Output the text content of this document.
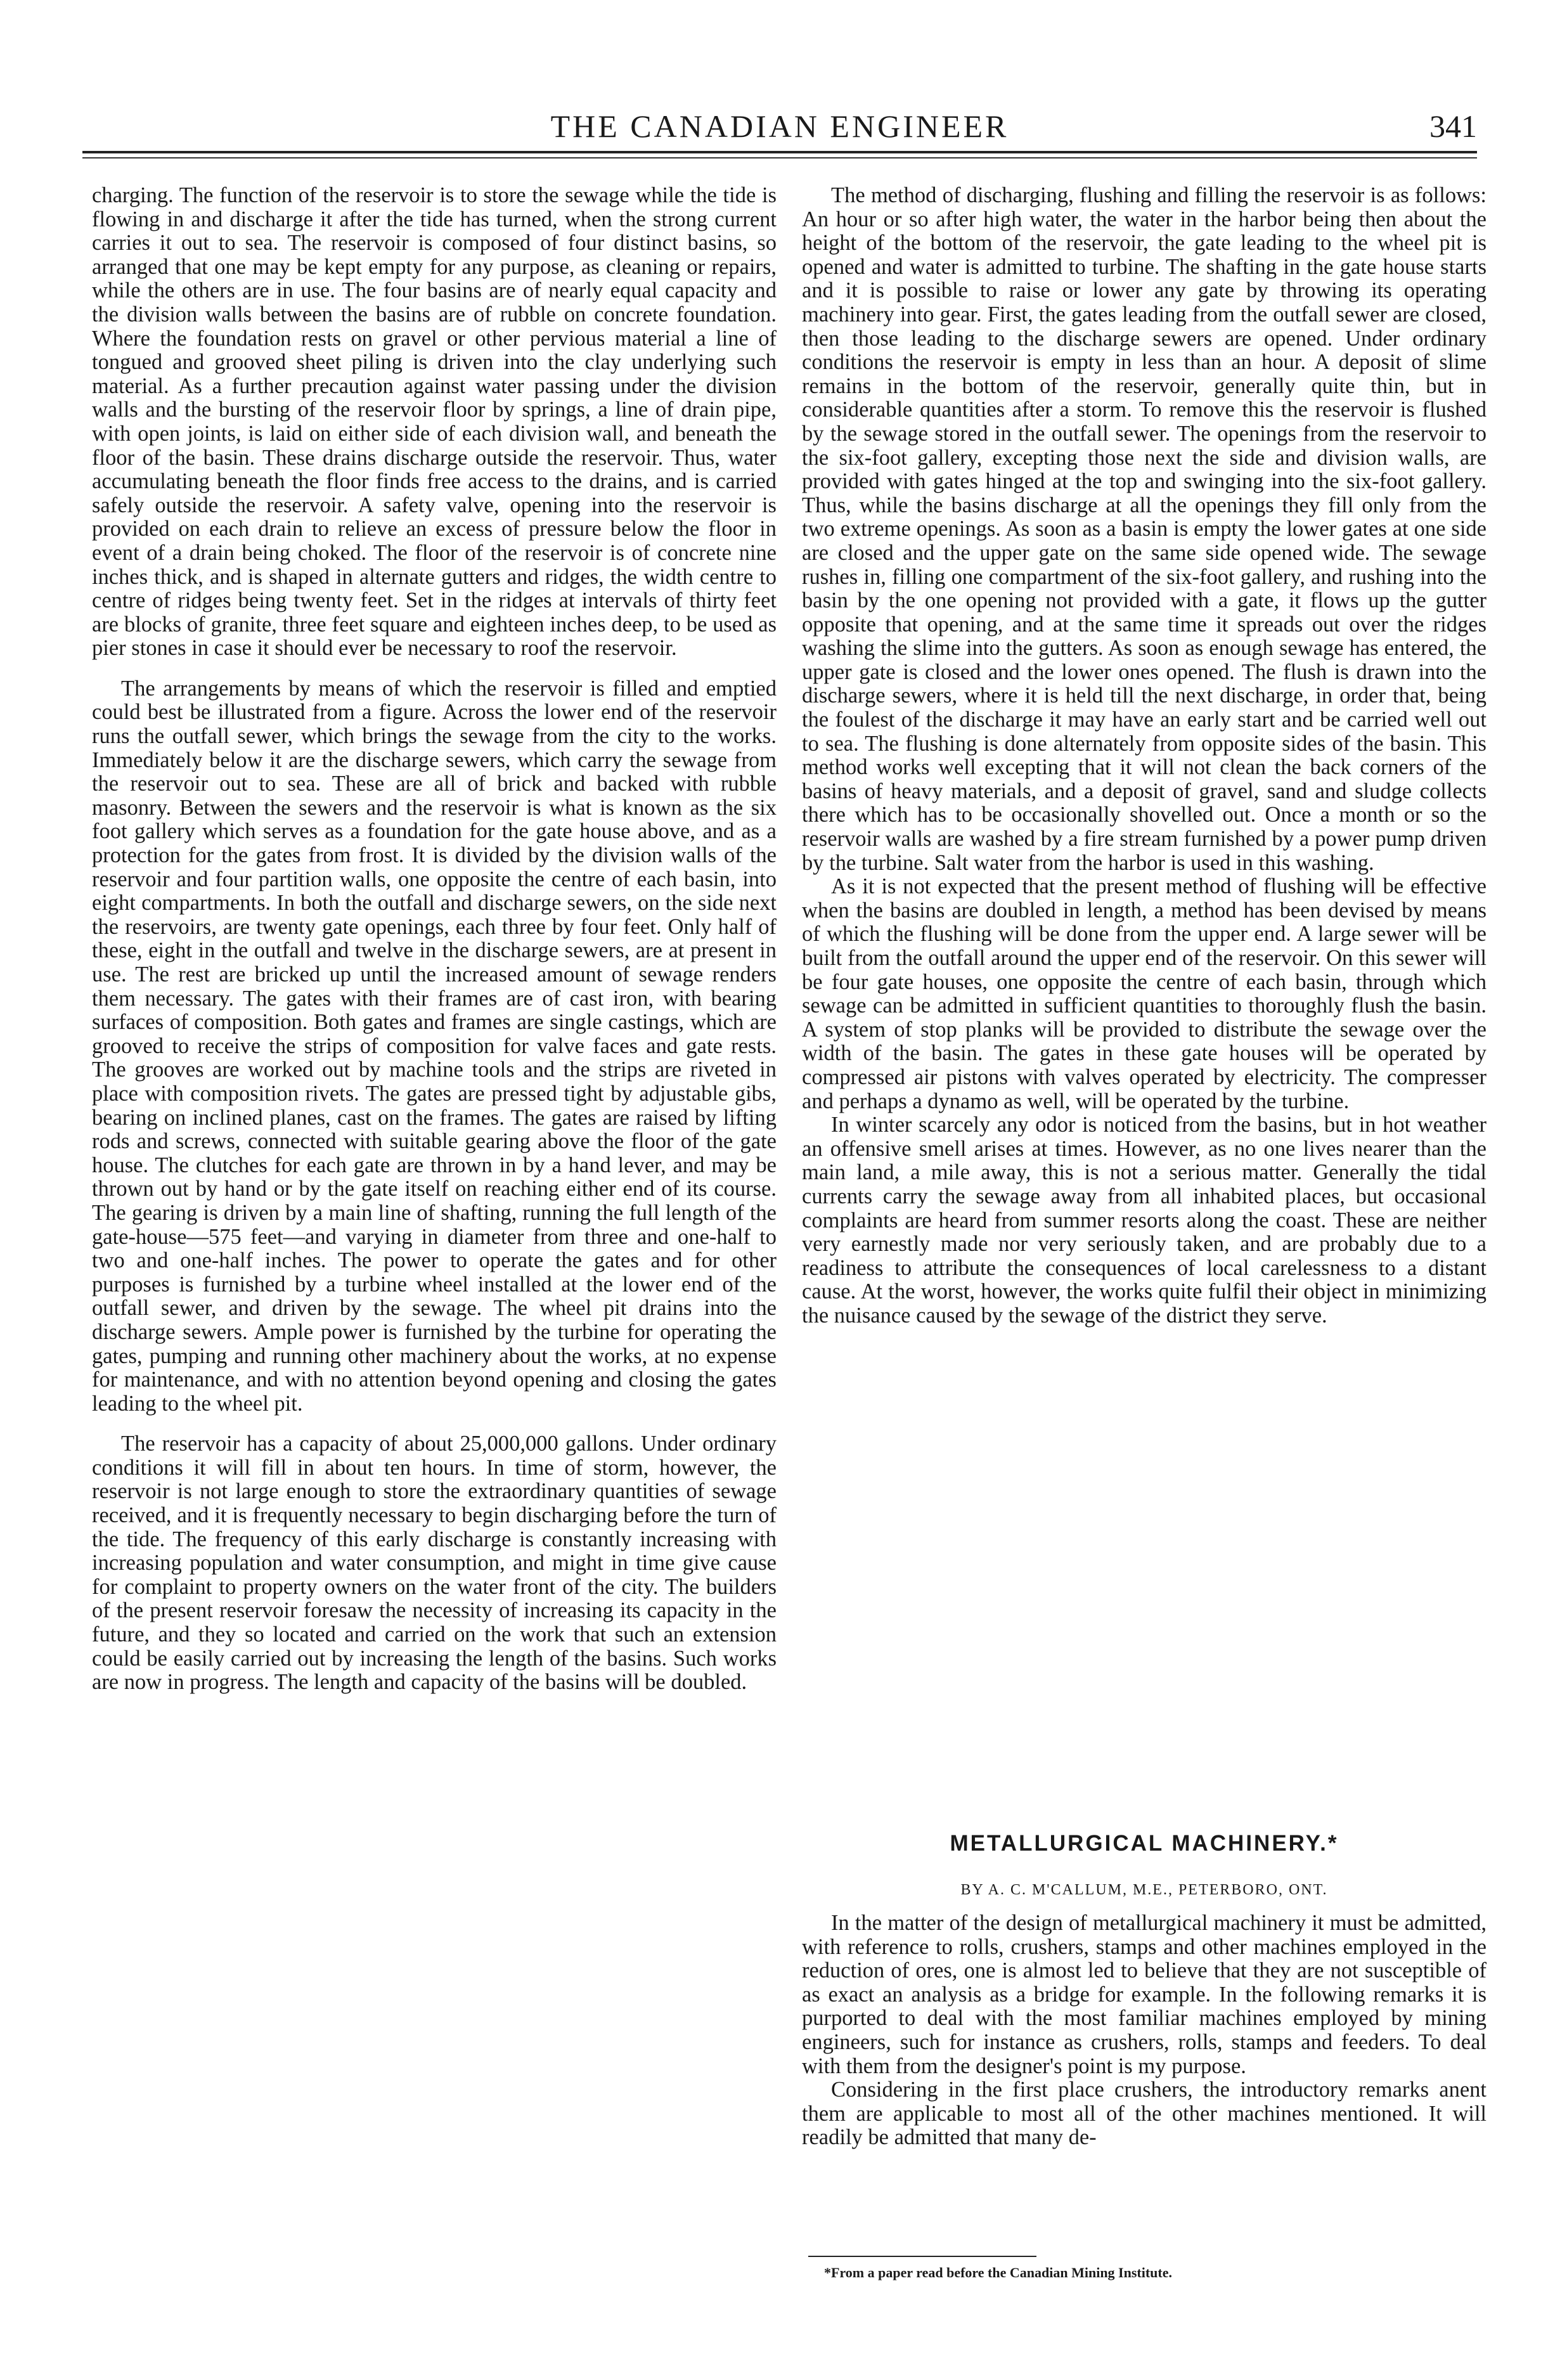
THE CANADIAN ENGINEER	341

charging. The function of the reservoir is to store the sewage while the tide is flowing in and discharge it after the tide has turned, when the strong current carries it out to sea. The reservoir is composed of four distinct basins, so arranged that one may be kept empty for any purpose, as cleaning or repairs, while the others are in use. The four basins are of nearly equal capacity and the division walls between the basins are of rubble on concrete foundation. Where the foundation rests on gravel or other pervious material a line of tongued and grooved sheet piling is driven into the clay underlying such material. As a further precaution against water passing under the division walls and the bursting of the reservoir floor by springs, a line of drain pipe, with open joints, is laid on either side of each division wall, and beneath the floor of the basin. These drains discharge outside the reservoir. Thus, water accumulating beneath the floor finds free access to the drains, and is carried safely outside the reservoir. A safety valve, opening into the reservoir is provided on each drain to relieve an excess of pressure below the floor in event of a drain being choked. The floor of the reservoir is of concrete nine inches thick, and is shaped in alternate gutters and ridges, the width centre to centre of ridges being twenty feet. Set in the ridges at intervals of thirty feet are blocks of granite, three feet square and eighteen inches deep, to be used as pier stones in case it should ever be necessary to roof the reservoir.

The arrangements by means of which the reservoir is filled and emptied could best be illustrated from a figure. Across the lower end of the reservoir runs the outfall sewer, which brings the sewage from the city to the works. Immediately below it are the discharge sewers, which carry the sewage from the reservoir out to sea. These are all of brick and backed with rubble masonry. Between the sewers and the reservoir is what is known as the six foot gallery which serves as a foundation for the gate house above, and as a protection for the gates from frost. It is divided by the division walls of the reservoir and four partition walls, one opposite the centre of each basin, into eight compartments. In both the outfall and discharge sewers, on the side next the reservoirs, are twenty gate openings, each three by four feet. Only half of these, eight in the outfall and twelve in the discharge sewers, are at present in use. The rest are bricked up until the increased amount of sewage renders them necessary. The gates with their frames are of cast iron, with bearing surfaces of composition. Both gates and frames are single castings, which are grooved to receive the strips of composition for valve faces and gate rests. The grooves are worked out by machine tools and the strips are riveted in place with composition rivets. The gates are pressed tight by adjustable gibs, bearing on inclined planes, cast on the frames. The gates are raised by lifting rods and screws, connected with suitable gearing above the floor of the gate house. The clutches for each gate are thrown in by a hand lever, and may be thrown out by hand or by the gate itself on reaching either end of its course. The gearing is driven by a main line of shafting, running the full length of the gate-house—575 feet—and varying in diameter from three and one-half to two and one-half inches. The power to operate the gates and for other purposes is furnished by a turbine wheel installed at the lower end of the outfall sewer, and driven by the sewage. The wheel pit drains into the discharge sewers. Ample power is furnished by the turbine for operating the gates, pumping and running other machinery about the works, at no expense for maintenance, and with no attention beyond opening and closing the gates leading to the wheel pit.

The reservoir has a capacity of about 25,000,000 gallons. Under ordinary conditions it will fill in about ten hours. In time of storm, however, the reservoir is not large enough to store the extraordinary quantities of sewage received, and it is frequently necessary to begin discharging before the turn of the tide. The frequency of this early discharge is constantly increasing with increasing population and water consumption, and might in time give cause for complaint to property owners on the water front of the city. The builders of the present reservoir foresaw the necessity of increasing its capacity in the future, and they so located and carried on the work that such an extension could be easily carried out by increasing the length of the basins. Such works are now in progress. The length and capacity of the basins will be doubled.

The method of discharging, flushing and filling the reservoir is as follows: An hour or so after high water, the water in the harbor being then about the height of the bottom of the reservoir, the gate leading to the wheel pit is opened and water is admitted to turbine. The shafting in the gate house starts and it is possible to raise or lower any gate by throwing its operating machinery into gear. First, the gates leading from the outfall sewer are closed, then those leading to the discharge sewers are opened. Under ordinary conditions the reservoir is empty in less than an hour. A deposit of slime remains in the bottom of the reservoir, generally quite thin, but in considerable quantities after a storm. To remove this the reservoir is flushed by the sewage stored in the outfall sewer. The openings from the reservoir to the six-foot gallery, excepting those next the side and division walls, are provided with gates hinged at the top and swinging into the six-foot gallery. Thus, while the basins discharge at all the openings they fill only from the two extreme openings. As soon as a basin is empty the lower gates at one side are closed and the upper gate on the same side opened wide. The sewage rushes in, filling one compartment of the six-foot gallery, and rushing into the basin by the one opening not provided with a gate, it flows up the gutter opposite that opening, and at the same time it spreads out over the ridges washing the slime into the gutters. As soon as enough sewage has entered, the upper gate is closed and the lower ones opened. The flush is drawn into the discharge sewers, where it is held till the next discharge, in order that, being the foulest of the discharge it may have an early start and be carried well out to sea. The flushing is done alternately from opposite sides of the basin. This method works well excepting that it will not clean the back corners of the basins of heavy materials, and a deposit of gravel, sand and sludge collects there which has to be occasionally shovelled out. Once a month or so the reservoir walls are washed by a fire stream furnished by a power pump driven by the turbine. Salt water from the harbor is used in this washing.

As it is not expected that the present method of flushing will be effective when the basins are doubled in length, a method has been devised by means of which the flushing will be done from the upper end. A large sewer will be built from the outfall around the upper end of the reservoir. On this sewer will be four gate houses, one opposite the centre of each basin, through which sewage can be admitted in sufficient quantities to thoroughly flush the basin. A system of stop planks will be provided to distribute the sewage over the width of the basin. The gates in these gate houses will be operated by compressed air pistons with valves operated by electricity. The compresser and perhaps a dynamo as well, will be operated by the turbine.

In winter scarcely any odor is noticed from the basins, but in hot weather an offensive smell arises at times. However, as no one lives nearer than the main land, a mile away, this is not a serious matter. Generally the tidal currents carry the sewage away from all inhabited places, but occasional complaints are heard from summer resorts along the coast. These are neither very earnestly made nor very seriously taken, and are probably due to a readiness to attribute the consequences of local carelessness to a distant cause. At the worst, however, the works quite fulfil their object in minimizing the nuisance caused by the sewage of the district they serve.

METALLURGICAL MACHINERY.*
BY A. C. M'CALLUM, M.E., PETERBORO, ONT.

In the matter of the design of metallurgical machinery it must be admitted, with reference to rolls, crushers, stamps and other machines employed in the reduction of ores, one is almost led to believe that they are not susceptible of as exact an analysis as a bridge for example. In the following remarks it is purported to deal with the most familiar machines employed by mining engineers, such for instance as crushers, rolls, stamps and feeders. To deal with them from the designer's point is my purpose.

Considering in the first place crushers, the introductory remarks anent them are applicable to most all of the other machines mentioned. It will readily be admitted that many de-

*From a paper read before the Canadian Mining Institute.
